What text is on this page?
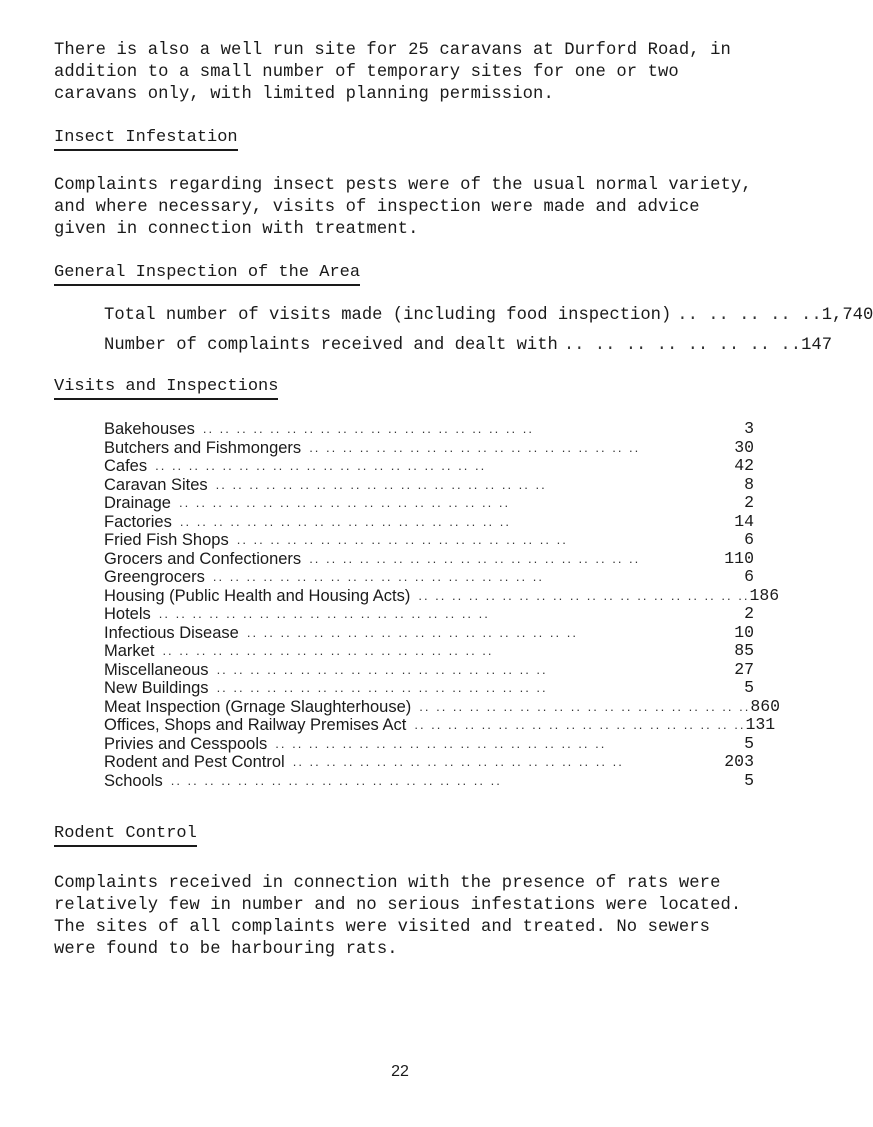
There is also a well run site for 25 caravans at Durford Road, in addition to a small number of temporary sites for one or two caravans only, with limited planning permission.

Insect Infestation

Complaints regarding insect pests were of the usual normal variety, and where necessary, visits of inspection were made and advice given in connection with treatment.

General Inspection of the Area
Total number of visits made (including food inspection) .. .. .. .. .. 1,740
Number of complaints received and dealt with .. .. .. .. .. .. .. .. 147
Visits and Inspections
Bakehouses .. .. .. .. .. .. .. .. .. .. .. .. .. .. .. .. .. .. .. ..	3
Butchers and Fishmongers .. .. .. .. .. .. .. .. .. .. .. .. .. .. .. .. .. .. .. ..	30
Cafes .. .. .. .. .. .. .. .. .. .. .. .. .. .. .. .. .. .. .. ..	42
Caravan Sites .. .. .. .. .. .. .. .. .. .. .. .. .. .. .. .. .. .. .. ..	8
Drainage .. .. .. .. .. .. .. .. .. .. .. .. .. .. .. .. .. .. .. ..	2
Factories .. .. .. .. .. .. .. .. .. .. .. .. .. .. .. .. .. .. .. ..	14
Fried Fish Shops .. .. .. .. .. .. .. .. .. .. .. .. .. .. .. .. .. .. .. ..	6
Grocers and Confectioners .. .. .. .. .. .. .. .. .. .. .. .. .. .. .. .. .. .. .. ..	110
Greengrocers .. .. .. .. .. .. .. .. .. .. .. .. .. .. .. .. .. .. .. ..	6
Housing (Public Health and Housing Acts) .. .. .. .. .. .. .. .. .. .. .. .. .. .. .. .. .. .. .. .. 186
Hotels .. .. .. .. .. .. .. .. .. .. .. .. .. .. .. .. .. .. .. ..	2
Infectious Disease .. .. .. .. .. .. .. .. .. .. .. .. .. .. .. .. .. .. .. ..	10
Market .. .. .. .. .. .. .. .. .. .. .. .. .. .. .. .. .. .. .. ..	85
Miscellaneous .. .. .. .. .. .. .. .. .. .. .. .. .. .. .. .. .. .. .. ..	27
New Buildings .. .. .. .. .. .. .. .. .. .. .. .. .. .. .. .. .. .. .. ..	5
Meat Inspection (Grnage Slaughterhouse) .. .. .. .. .. .. .. .. .. .. .. .. .. .. .. .. .. .. .. .. 860
Offices, Shops and Railway Premises Act .. .. .. .. .. .. .. .. .. .. .. .. .. .. .. .. .. .. .. .. 131
Privies and Cesspools .. .. .. .. .. .. .. .. .. .. .. .. .. .. .. .. .. .. .. ..	5
Rodent and Pest Control .. .. .. .. .. .. .. .. .. .. .. .. .. .. .. .. .. .. .. ..	203
Schools .. .. .. .. .. .. .. .. .. .. .. .. .. .. .. .. .. .. .. ..	5
Rodent Control

Complaints received in connection with the presence of rats were relatively few in number and no serious infestations were located. The sites of all complaints were visited and treated. No sewers were found to be harbouring rats.

22
